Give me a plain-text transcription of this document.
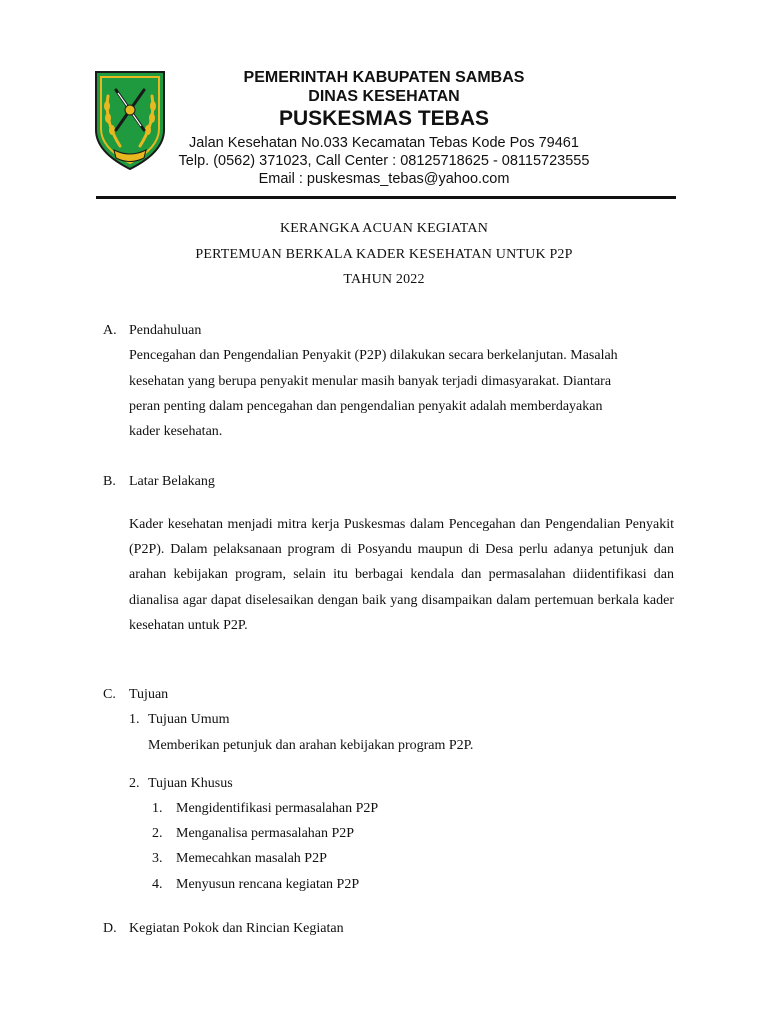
PEMERINTAH KABUPATEN SAMBAS
DINAS KESEHATAN
PUSKESMAS TEBAS
Jalan Kesehatan No.033 Kecamatan Tebas Kode Pos 79461
Telp. (0562) 371023, Call Center : 08125718625 - 08115723555
Email : puskesmas_tebas@yahoo.com
KERANGKA ACUAN KEGIATAN
PERTEMUAN BERKALA KADER KESEHATAN UNTUK P2P
TAHUN 2022
A. Pendahuluan
Pencegahan dan Pengendalian Penyakit (P2P) dilakukan secara berkelanjutan. Masalah
kesehatan yang berupa penyakit menular masih banyak terjadi dimasyarakat. Diantara
peran penting dalam pencegahan dan pengendalian penyakit adalah memberdayakan
kader kesehatan.
B. Latar Belakang
Kader kesehatan menjadi mitra kerja Puskesmas dalam Pencegahan dan Pengendalian Penyakit (P2P). Dalam pelaksanaan program di Posyandu maupun di Desa perlu adanya petunjuk dan arahan kebijakan program, selain itu berbagai kendala dan permasalahan diidentifikasi dan dianalisa agar dapat diselesaikan dengan baik yang disampaikan dalam pertemuan berkala kader kesehatan untuk P2P.
C. Tujuan
1. Tujuan Umum
Memberikan petunjuk dan arahan kebijakan program P2P.
2. Tujuan Khusus
1. Mengidentifikasi permasalahan P2P
2. Menganalisa permasalahan P2P
3. Memecahkan masalah P2P
4. Menyusun rencana kegiatan P2P
D. Kegiatan Pokok dan Rincian Kegiatan
